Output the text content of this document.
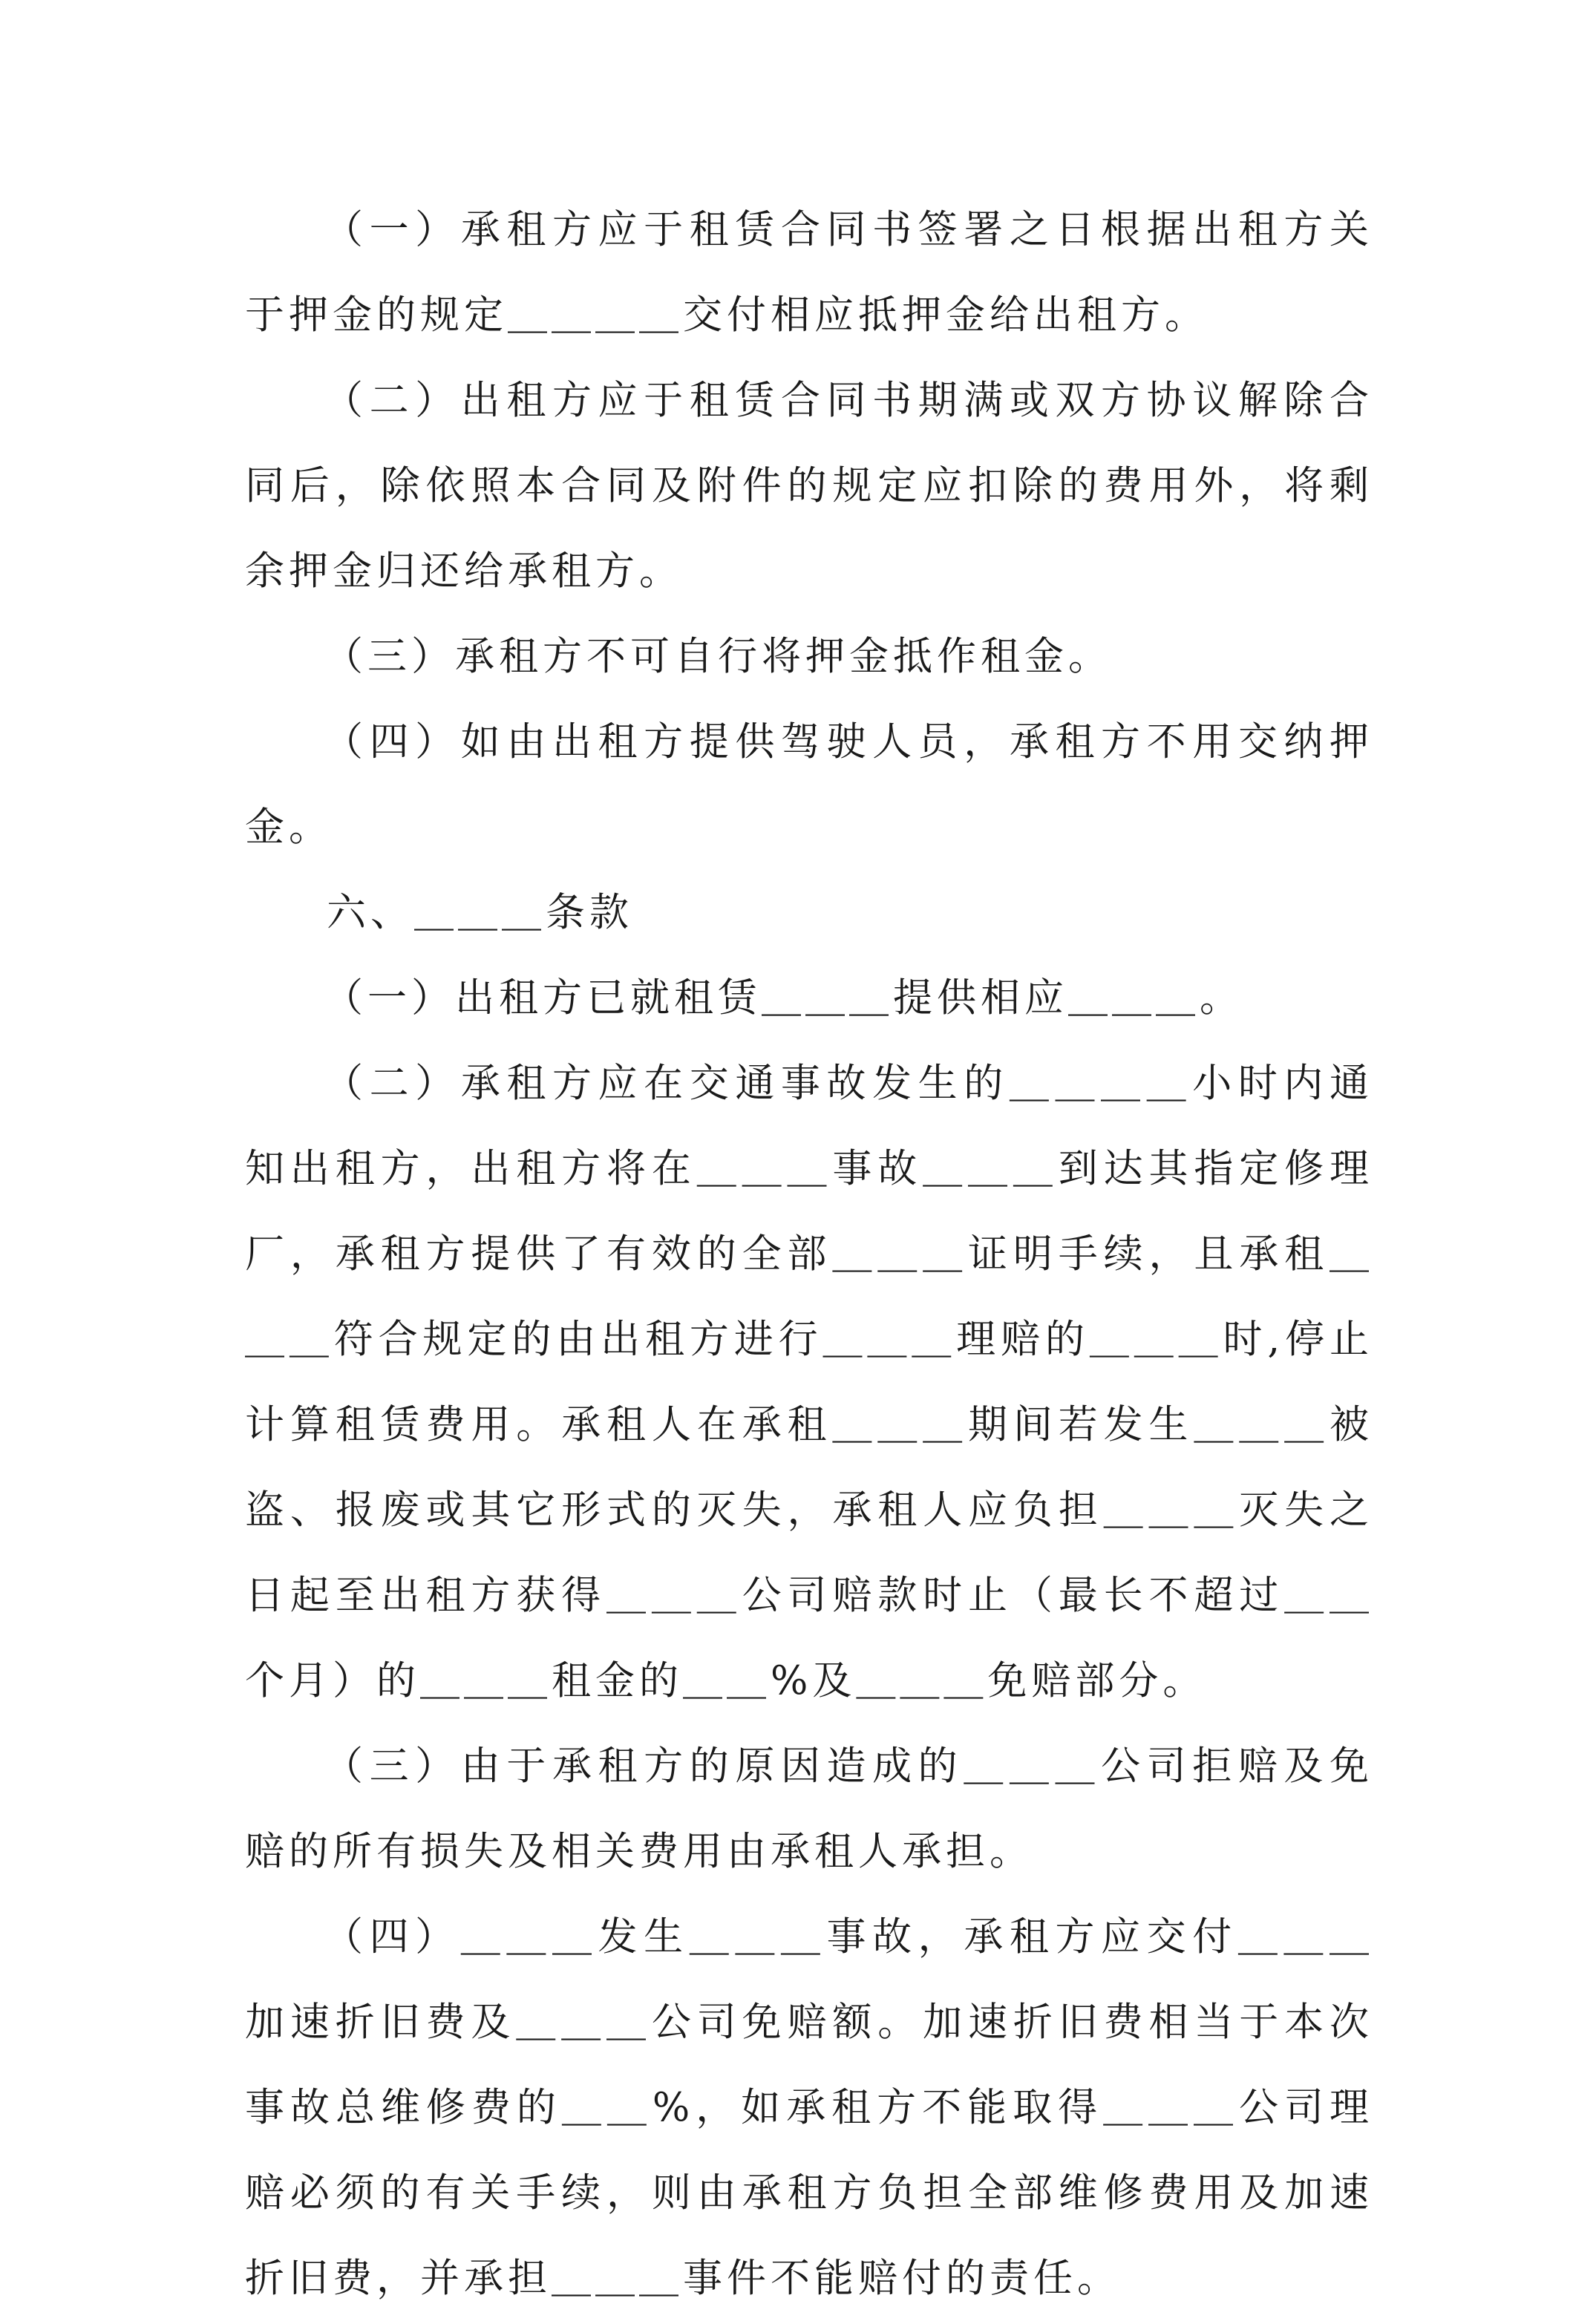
（一）承租方应于租赁合同书签署之日根据出租方关于押金的规定＿＿＿＿交付相应抵押金给出租方。

（二）出租方应于租赁合同书期满或双方协议解除合同后，除依照本合同及附件的规定应扣除的费用外，将剩余押金归还给承租方。

（三）承租方不可自行将押金抵作租金。

（四）如由出租方提供驾驶人员，承租方不用交纳押金。

六、＿＿＿条款

（一）出租方已就租赁＿＿＿提供相应＿＿＿。

（二）承租方应在交通事故发生的＿＿＿＿小时内通知出租方，出租方将在＿＿＿事故＿＿＿到达其指定修理厂，承租方提供了有效的全部＿＿＿证明手续，且承租＿＿＿符合规定的由出租方进行＿＿＿理赔的＿＿＿时,停止计算租赁费用。承租人在承租＿＿＿期间若发生＿＿＿被盗、报废或其它形式的灭失，承租人应负担＿＿＿灭失之日起至出租方获得＿＿＿公司赔款时止（最长不超过＿＿个月）的＿＿＿租金的＿＿%及＿＿＿免赔部分。

（三）由于承租方的原因造成的＿＿＿公司拒赔及免赔的所有损失及相关费用由承租人承担。

（四）＿＿＿发生＿＿＿事故，承租方应交付＿＿＿加速折旧费及＿＿＿公司免赔额。加速折旧费相当于本次事故总维修费的＿＿%，如承租方不能取得＿＿＿公司理赔必须的有关手续，则由承租方负担全部维修费用及加速折旧费，并承担＿＿＿事件不能赔付的责任。
